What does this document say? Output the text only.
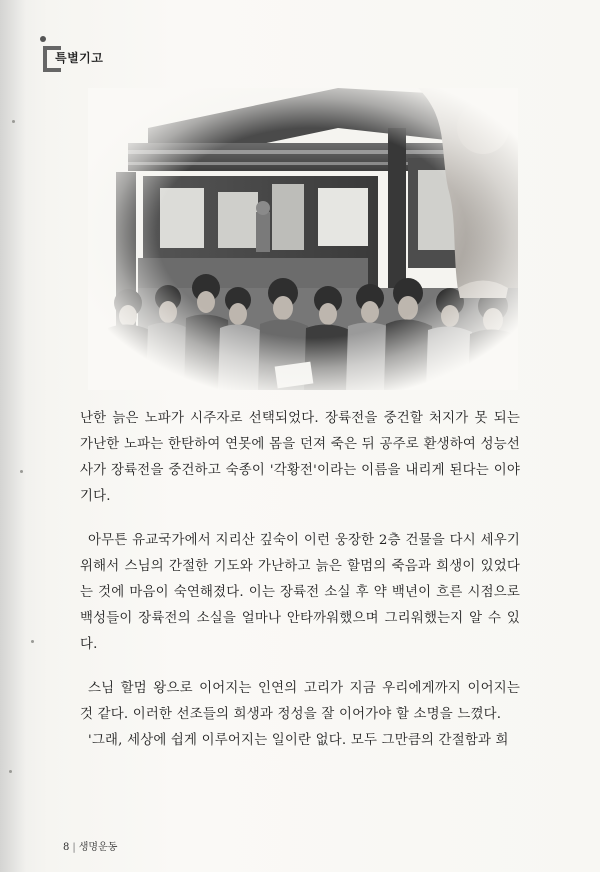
특별기고

난한 늙은 노파가 시주자로 선택되었다. 장륙전을 중건할 처지가 못 되는 가난한 노파는 한탄하여 연못에 몸을 던져 죽은 뒤 공주로 환생하여 성능선사가 장륙전을 중건하고 숙종이 '각황전'이라는 이름을 내리게 된다는 이야기다.

아무튼 유교국가에서 지리산 깊숙이 이런 웅장한 2층 건물을 다시 세우기 위해서 스님의 간절한 기도와 가난하고 늙은 할멈의 죽음과 희생이 있었다는 것에 마음이 숙연해졌다. 이는 장륙전 소실 후 약 백년이 흐른 시점으로 백성들이 장륙전의 소실을 얼마나 안타까워했으며 그리워했는지 알 수 있다.

스님 할멈 왕으로 이어지는 인연의 고리가 지금 우리에게까지 이어지는 것 같다. 이러한 선조들의 희생과 정성을 잘 이어가야 할 소명을 느꼈다.

'그래, 세상에 쉽게 이루어지는 일이란 없다. 모두 그만큼의 간절함과 희

8 | 생명운동
